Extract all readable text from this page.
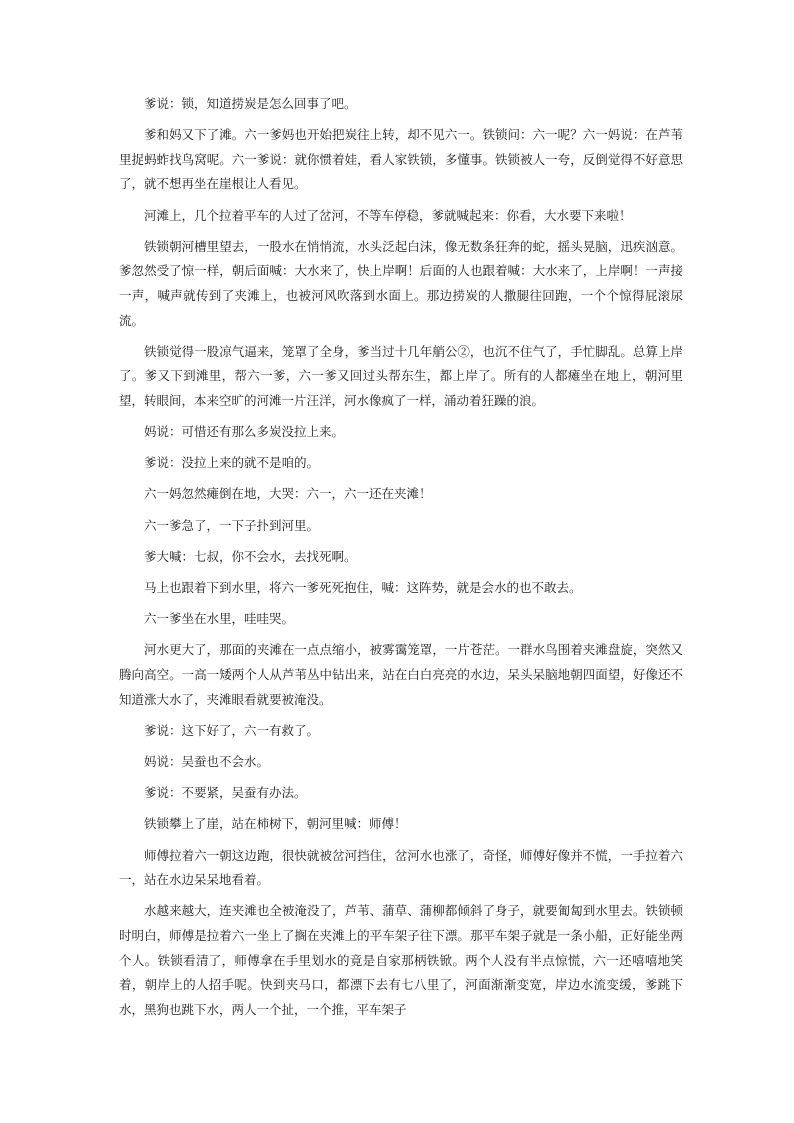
爹说：锁，知道捞炭是怎么回事了吧。

爹和妈又下了滩。六一爹妈也开始把炭往上转，却不见六一。铁锁问：六一呢？六一妈说：在芦苇里捉蚂蚱找鸟窝呢。六一爹说：就你惯着娃，看人家铁锁，多懂事。铁锁被人一夸，反倒觉得不好意思了，就不想再坐在崖根让人看见。

河滩上，几个拉着平车的人过了岔河，不等车停稳，爹就喊起来：你看，大水要下来啦！

铁锁朝河槽里望去，一股水在悄悄流，水头泛起白沫，像无数条狂奔的蛇，摇头晃脑，迅疾汹意。爹忽然受了惊一样，朝后面喊：大水来了，快上岸啊！后面的人也跟着喊：大水来了，上岸啊！一声接一声，喊声就传到了夹滩上，也被河风吹落到水面上。那边捞炭的人撒腿往回跑，一个个惊得屁滚尿流。

铁锁觉得一股凉气逼来，笼罩了全身，爹当过十几年艄公②，也沉不住气了，手忙脚乱。总算上岸了。爹又下到滩里，帮六一爹，六一爹又回过头帮东生，都上岸了。所有的人都瘫坐在地上，朝河里望，转眼间，本来空旷的河滩一片汪洋，河水像疯了一样，涌动着狂躁的浪。

妈说：可惜还有那么多炭没拉上来。

爹说：没拉上来的就不是咱的。

六一妈忽然瘫倒在地，大哭：六一，六一还在夹滩！

六一爹急了，一下子扑到河里。

爹大喊：七叔，你不会水，去找死啊。

马上也跟着下到水里，将六一爹死死抱住，喊：这阵势，就是会水的也不敢去。

六一爹坐在水里，哇哇哭。

河水更大了，那面的夹滩在一点点缩小，被雾霭笼罩，一片苍茫。一群水鸟围着夹滩盘旋，突然又腾向高空。一高一矮两个人从芦苇丛中钻出来，站在白白亮亮的水边，呆头呆脑地朝四面望，好像还不知道涨大水了，夹滩眼看就要被淹没。

爹说：这下好了，六一有救了。

妈说：吴蚕也不会水。

爹说：不要紧，吴蚕有办法。

铁锁攀上了崖，站在柿树下，朝河里喊：师傅！

师傅拉着六一朝这边跑，很快就被岔河挡住，岔河水也涨了，奇怪，师傅好像并不慌，一手拉着六一，站在水边呆呆地看着。

水越来越大，连夹滩也全被淹没了，芦苇、蒲草、蒲柳都倾斜了身子，就要匍匐到水里去。铁锁顿时明白，师傅是拉着六一坐上了搁在夹滩上的平车架子往下漂。那平车架子就是一条小船，正好能坐两个人。铁锁看清了，师傅拿在手里划水的竟是自家那柄铁锨。两个人没有半点惊慌，六一还嘻嘻地笑着，朝岸上的人招手呢。快到夹马口，都漂下去有七八里了，河面渐渐变宽，岸边水流变缓，爹跳下水，黑狗也跳下水，两人一个扯，一个推，平车架子
